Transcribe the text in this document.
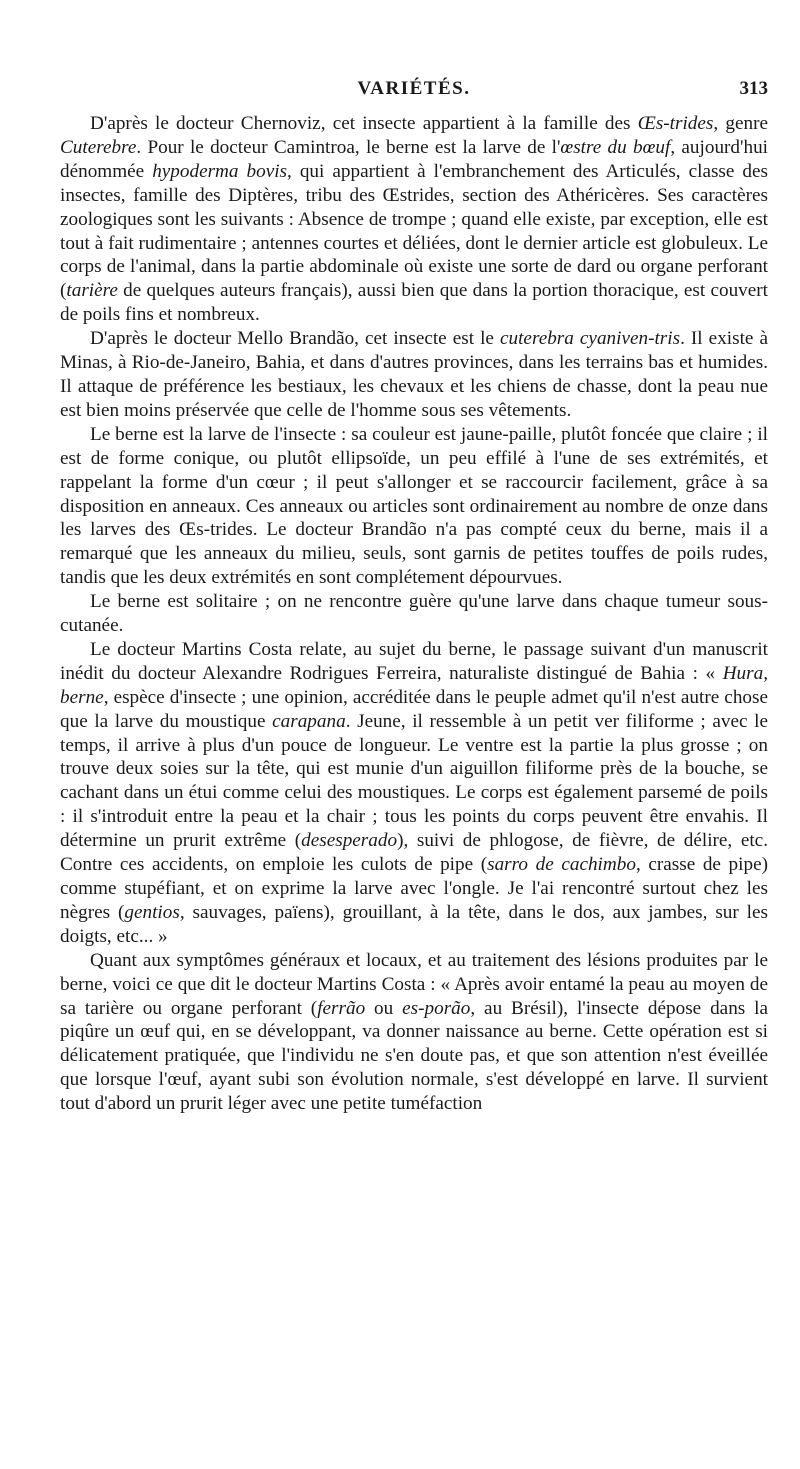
VARIÉTÉS.	313

D'après le docteur Chernoviz, cet insecte appartient à la famille des Œs-trides, genre Cuterebre. Pour le docteur Camintroa, le berne est la larve de l'œstre du bœuf, aujourd'hui dénommée hypoderma bovis, qui appartient à l'embranchement des Articulés, classe des insectes, famille des Diptères, tribu des Œstrides, section des Athéricères. Ses caractères zoologiques sont les suivants : Absence de trompe ; quand elle existe, par exception, elle est tout à fait rudimentaire ; antennes courtes et déliées, dont le dernier article est globuleux. Le corps de l'animal, dans la partie abdominale où existe une sorte de dard ou organe perforant (tarière de quelques auteurs français), aussi bien que dans la portion thoracique, est couvert de poils fins et nombreux.

D'après le docteur Mello Brandão, cet insecte est le cuterebra cyaniven-tris. Il existe à Minas, à Rio-de-Janeiro, Bahia, et dans d'autres provinces, dans les terrains bas et humides. Il attaque de préférence les bestiaux, les chevaux et les chiens de chasse, dont la peau nue est bien moins préservée que celle de l'homme sous ses vêtements.

Le berne est la larve de l'insecte : sa couleur est jaune-paille, plutôt foncée que claire ; il est de forme conique, ou plutôt ellipsoïde, un peu effilé à l'une de ses extrémités, et rappelant la forme d'un cœur ; il peut s'allonger et se raccourcir facilement, grâce à sa disposition en anneaux. Ces anneaux ou articles sont ordinairement au nombre de onze dans les larves des Œs-trides. Le docteur Brandão n'a pas compté ceux du berne, mais il a remarqué que les anneaux du milieu, seuls, sont garnis de petites touffes de poils rudes, tandis que les deux extrémités en sont complétement dépourvues.

Le berne est solitaire ; on ne rencontre guère qu'une larve dans chaque tumeur sous-cutanée.

Le docteur Martins Costa relate, au sujet du berne, le passage suivant d'un manuscrit inédit du docteur Alexandre Rodrigues Ferreira, naturaliste distingué de Bahia : « Hura, berne, espèce d'insecte ; une opinion, accréditée dans le peuple admet qu'il n'est autre chose que la larve du moustique carapana. Jeune, il ressemble à un petit ver filiforme ; avec le temps, il arrive à plus d'un pouce de longueur. Le ventre est la partie la plus grosse ; on trouve deux soies sur la tête, qui est munie d'un aiguillon filiforme près de la bouche, se cachant dans un étui comme celui des moustiques. Le corps est également parsemé de poils : il s'introduit entre la peau et la chair ; tous les points du corps peuvent être envahis. Il détermine un prurit extrême (desesperado), suivi de phlogose, de fièvre, de délire, etc. Contre ces accidents, on emploie les culots de pipe (sarro de cachimbo, crasse de pipe) comme stupéfiant, et on exprime la larve avec l'ongle. Je l'ai rencontré surtout chez les nègres (gentios, sauvages, païens), grouillant, à la tête, dans le dos, aux jambes, sur les doigts, etc... »

Quant aux symptômes généraux et locaux, et au traitement des lésions produites par le berne, voici ce que dit le docteur Martins Costa : « Après avoir entamé la peau au moyen de sa tarière ou organe perforant (ferrão ou es-porão, au Brésil), l'insecte dépose dans la piqûre un œuf qui, en se développant, va donner naissance au berne. Cette opération est si délicatement pratiquée, que l'individu ne s'en doute pas, et que son attention n'est éveillée que lorsque l'œuf, ayant subi son évolution normale, s'est développé en larve. Il survient tout d'abord un prurit léger avec une petite tuméfaction
